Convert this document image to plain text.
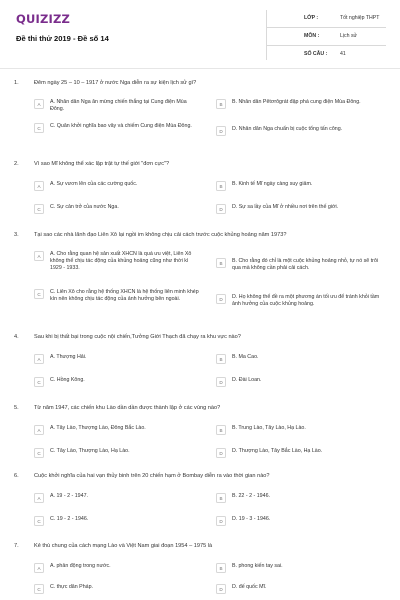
QUIZIZZ
Đề thi thử 2019 - Đề số 14
LỚP :	Tốt nghiệp THPT
MÔN :	Lịch sử
SỐ CÂU : 41
1.	Đêm ngày 25 – 10 – 1917 ở nước Nga diễn ra sự kiện lịch sử gì?
A	A. Nhân dân Nga ăn mừng chiến thắng tại Cung điện Mùa Đông.
B	B. Nhân dân Pêtơrôgrát đập phá cung điện Mùa Đông.
C	C. Quân khởi nghĩa bao vây và chiếm Cung điện Mùa Đông.
D	D. Nhân dân Nga chuẩn bị cuộc tổng tấn công.
2.	Vì sao Mĩ không thể xác lập trật tự thế giới "đơn cực"?
A	A. Sự vươn lên của các cường quốc.	B	B. Kinh tế Mĩ ngày càng suy giảm.
C	C. Sự cản trở của nước Nga.	D	D. Sự sa lầy của Mĩ ở nhiều nơi trên thế giới.
3.	Tại sao các nhà lãnh đạo Liên Xô lại ngồi im không chịu cải cách trước cuộc khủng hoảng năm 1973?
A	A. Cho rằng quan hệ sản xuất XHCN là quá ưu việt, Liên Xô không thể chịu tác động của khủng hoảng cũng như thời kì 1929 - 1933.
B	B. Cho rằng đó chỉ là một cuộc khủng hoảng nhỏ, tự nó sẽ trôi qua mà không cần phải cải cách.
C	C. Liên Xô cho rằng hệ thống XHCN là hệ thống liên minh khép kín nên không chịu tác động của ảnh hưởng bên ngoài.	D	D. Họ không thể đề ra một phương án tối ưu để tránh khỏi tầm ảnh hưởng của cuộc khủng hoảng.
4.	Sau khi bị thất bại trong cuộc nội chiến,Tưởng Giới Thạch đã chạy ra khu vực nào?
A	A. Thượng Hải.	B	B. Ma Cao.
C	C. Hồng Kông.	D	D. Đài Loan.
5.	Từ năm 1947, các chiến khu Lào dần dần được thành lập ở các vùng nào?
A	A. Tây Lào, Thượng Lào, Đông Bắc Lào.	B	B. Trung Lào, Tây Lào, Hạ Lào.
C	C. Tây Lào, Thượng Lào, Hạ Lào.	D	D. Thượng Lào, Tây Bắc Lào, Hạ Lào.
6.	Cuộc khởi nghĩa của hai vạn thủy binh trên 20 chiến hạm ở Bombay diễn ra vào thời gian nào?
A	A. 19 - 2 - 1947.	B	B. 22 - 2 - 1946.
C	C. 19 - 2 - 1946.	D	D. 19 - 3 - 1946.
7.	Kẻ thù chung của cách mạng Lào và Việt Nam giai đoạn 1954 – 1975 là
A	A. phản động trong nước.	B	B. phong kiến tay sai.
C	C. thực dân Pháp.	D	D. đế quốc Mĩ.
